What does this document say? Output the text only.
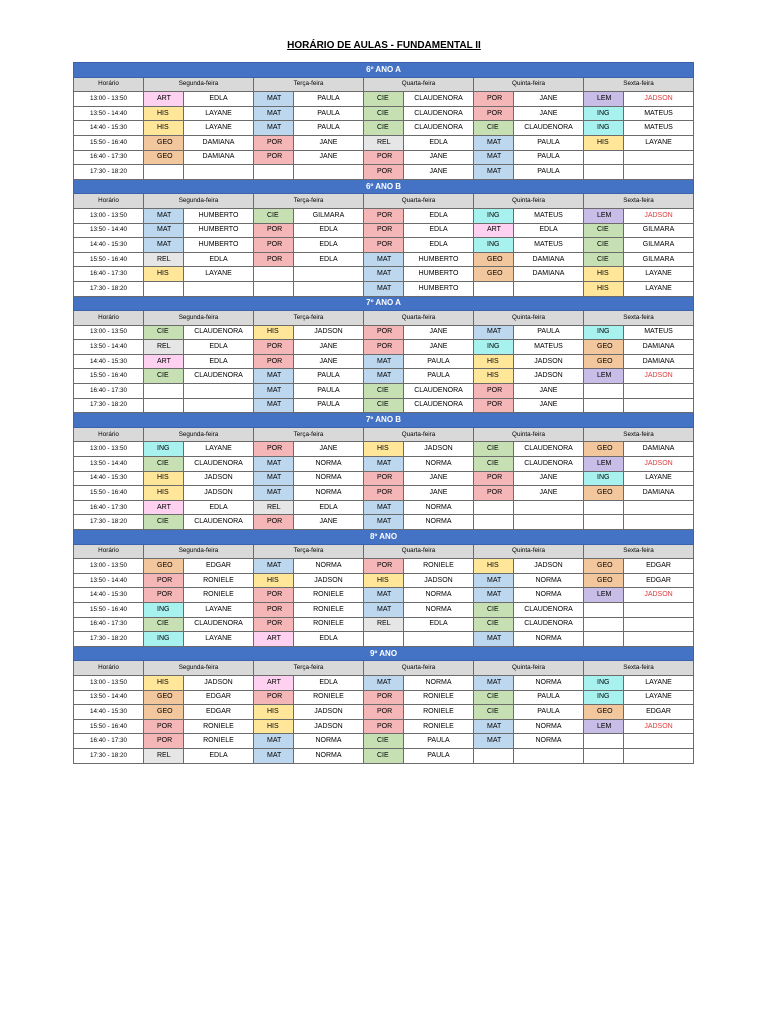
HORÁRIO DE AULAS - FUNDAMENTAL II
6º ANO A										
Horário	Segunda-feira		Terça-feira		Quarta-feira		Quinta-feira		Sexta-feira	
13:00 - 13:50	ART	EDLA	MAT	PAULA	CIE	CLAUDENORA	POR	JANE	LEM	JADSON
13:50 - 14:40	HIS	LAYANE	MAT	PAULA	CIE	CLAUDENORA	POR	JANE	ING	MATEUS
14:40 - 15:30	HIS	LAYANE	MAT	PAULA	CIE	CLAUDENORA	CIE	CLAUDENORA	ING	MATEUS
15:50 - 16:40	GEO	DAMIANA	POR	JANE	REL	EDLA	MAT	PAULA	HIS	LAYANE
16:40 - 17:30	GEO	DAMIANA	POR	JANE	POR	JANE	MAT	PAULA		
17:30 - 18:20					POR	JANE	MAT	PAULA		
6º ANO B										
Horário	Segunda-feira		Terça-feira		Quarta-feira		Quinta-feira		Sexta-feira	
13:00 - 13:50	MAT	HUMBERTO	CIE	GILMARA	POR	EDLA	ING	MATEUS	LEM	JADSON
13:50 - 14:40	MAT	HUMBERTO	POR	EDLA	POR	EDLA	ART	EDLA	CIE	GILMARA
14:40 - 15:30	MAT	HUMBERTO	POR	EDLA	POR	EDLA	ING	MATEUS	CIE	GILMARA
15:50 - 16:40	REL	EDLA	POR	EDLA	MAT	HUMBERTO	GEO	DAMIANA	CIE	GILMARA
16:40 - 17:30	HIS	LAYANE			MAT	HUMBERTO	GEO	DAMIANA	HIS	LAYANE
17:30 - 18:20					MAT	HUMBERTO			HIS	LAYANE
7º ANO A										
Horário	Segunda-feira		Terça-feira		Quarta-feira		Quinta-feira		Sexta-feira	
13:00 - 13:50	CIE	CLAUDENORA	HIS	JADSON	POR	JANE	MAT	PAULA	ING	MATEUS
13:50 - 14:40	REL	EDLA	POR	JANE	POR	JANE	ING	MATEUS	GEO	DAMIANA
14:40 - 15:30	ART	EDLA	POR	JANE	MAT	PAULA	HIS	JADSON	GEO	DAMIANA
15:50 - 16:40	CIE	CLAUDENORA	MAT	PAULA	MAT	PAULA	HIS	JADSON	LEM	JADSON
16:40 - 17:30			MAT	PAULA	CIE	CLAUDENORA	POR	JANE		
17:30 - 18:20			MAT	PAULA	CIE	CLAUDENORA	POR	JANE		
7º ANO B										
Horário	Segunda-feira		Terça-feira		Quarta-feira		Quinta-feira		Sexta-feira	
13:00 - 13:50	ING	LAYANE	POR	JANE	HIS	JADSON	CIE	CLAUDENORA	GEO	DAMIANA
13:50 - 14:40	CIE	CLAUDENORA	MAT	NORMA	MAT	NORMA	CIE	CLAUDENORA	LEM	JADSON
14:40 - 15:30	HIS	JADSON	MAT	NORMA	POR	JANE	POR	JANE	ING	LAYANE
15:50 - 16:40	HIS	JADSON	MAT	NORMA	POR	JANE	POR	JANE	GEO	DAMIANA
16:40 - 17:30	ART	EDLA	REL	EDLA	MAT	NORMA				
17:30 - 18:20	CIE	CLAUDENORA	POR	JANE	MAT	NORMA				
8º ANO										
Horário	Segunda-feira		Terça-feira		Quarta-feira		Quinta-feira		Sexta-feira	
13:00 - 13:50	GEO	EDGAR	MAT	NORMA	POR	RONIELE	HIS	JADSON	GEO	EDGAR
13:50 - 14:40	POR	RONIELE	HIS	JADSON	HIS	JADSON	MAT	NORMA	GEO	EDGAR
14:40 - 15:30	POR	RONIELE	POR	RONIELE	MAT	NORMA	MAT	NORMA	LEM	JADSON
15:50 - 16:40	ING	LAYANE	POR	RONIELE	MAT	NORMA	CIE	CLAUDENORA		
16:40 - 17:30	CIE	CLAUDENORA	POR	RONIELE	REL	EDLA	CIE	CLAUDENORA		
17:30 - 18:20	ING	LAYANE	ART	EDLA			MAT	NORMA		
9º ANO										
Horário	Segunda-feira		Terça-feira		Quarta-feira		Quinta-feira		Sexta-feira	
13:00 - 13:50	HIS	JADSON	ART	EDLA	MAT	NORMA	MAT	NORMA	ING	LAYANE
13:50 - 14:40	GEO	EDGAR	POR	RONIELE	POR	RONIELE	CIE	PAULA	ING	LAYANE
14:40 - 15:30	GEO	EDGAR	HIS	JADSON	POR	RONIELE	CIE	PAULA	GEO	EDGAR
15:50 - 16:40	POR	RONIELE	HIS	JADSON	POR	RONIELE	MAT	NORMA	LEM	JADSON
16:40 - 17:30	POR	RONIELE	MAT	NORMA	CIE	PAULA	MAT	NORMA		
17:30 - 18:20	REL	EDLA	MAT	NORMA	CIE	PAULA				
